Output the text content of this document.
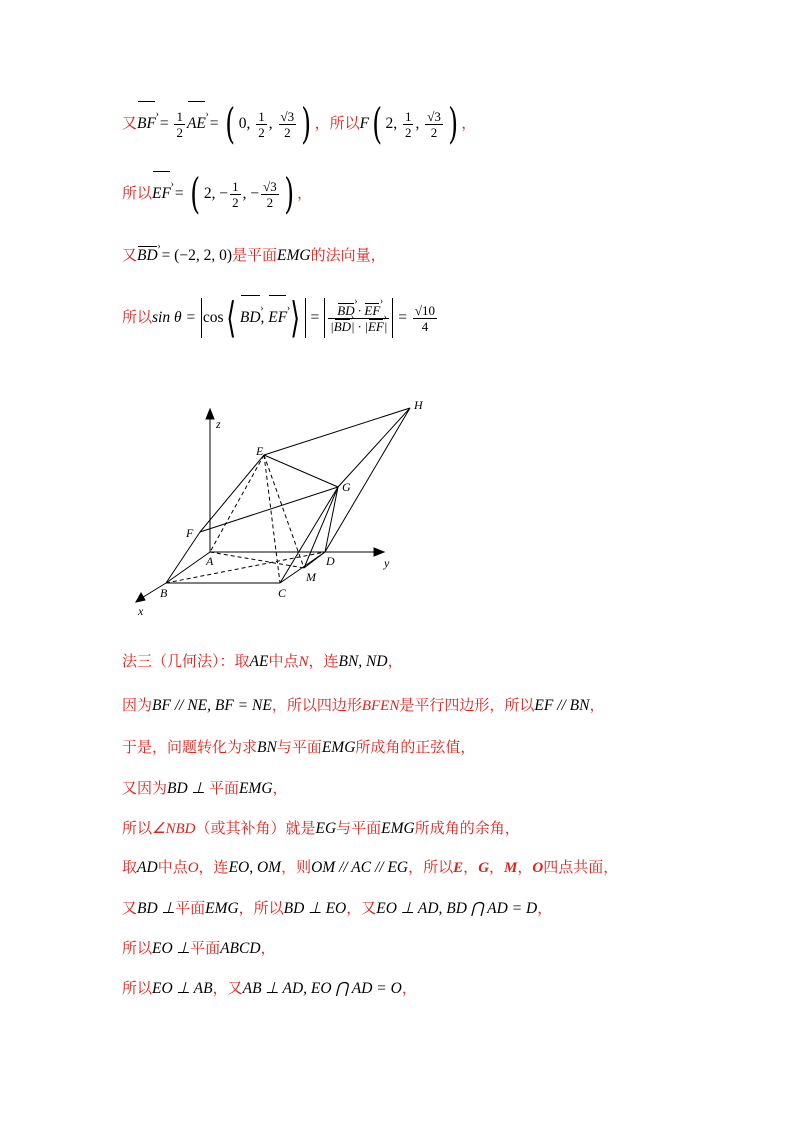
又BF › = $\frac{1}{2}$ AE › = ( 0, $\frac{1}{2}$ , $\frac{√3}{2}$ ) ，所以F( 2, $\frac{1}{2}$ , $\frac{√3}{2}$ ) ，
所以EF › = ( 2, − $\frac{1}{2}$ , − $\frac{√3}{2}$ ) ，
又BD › = (−2, 2, 0)是平面EMG的法向量，
所以sin θ = cos⟨ BD ›, EF ›⟩ = $\frac{BD › \cdot EF ›}{|BD ›| \cdot |EF ›|} = \frac{√10}{4}$
z
y
x
H
E
G
F
A	D
M
B	C
法三（几何法）：取AE中点N，连BN, ND，
因为BF // NE, BF = NE，所以四边形BFEN是平行四边形，所以EF // BN，
于是，问题转化为求BN与平面EMG所成角的正弦值，
又因为BD ⊥ 平面EMG，
所以∠NBD（或其补角）就是EG与平面EMG所成角的余角，
取AD中点O，连EO, OM，则OM // AC // EG，所以E，G，M，O四点共面，
又BD ⊥平面EMG，所以BD ⊥ EO，又EO ⊥ AD, BD ⋂ AD = D，
所以EO ⊥平面ABCD，
所以EO ⊥ AB，又AB ⊥ AD, EO ⋂ AD = O，
